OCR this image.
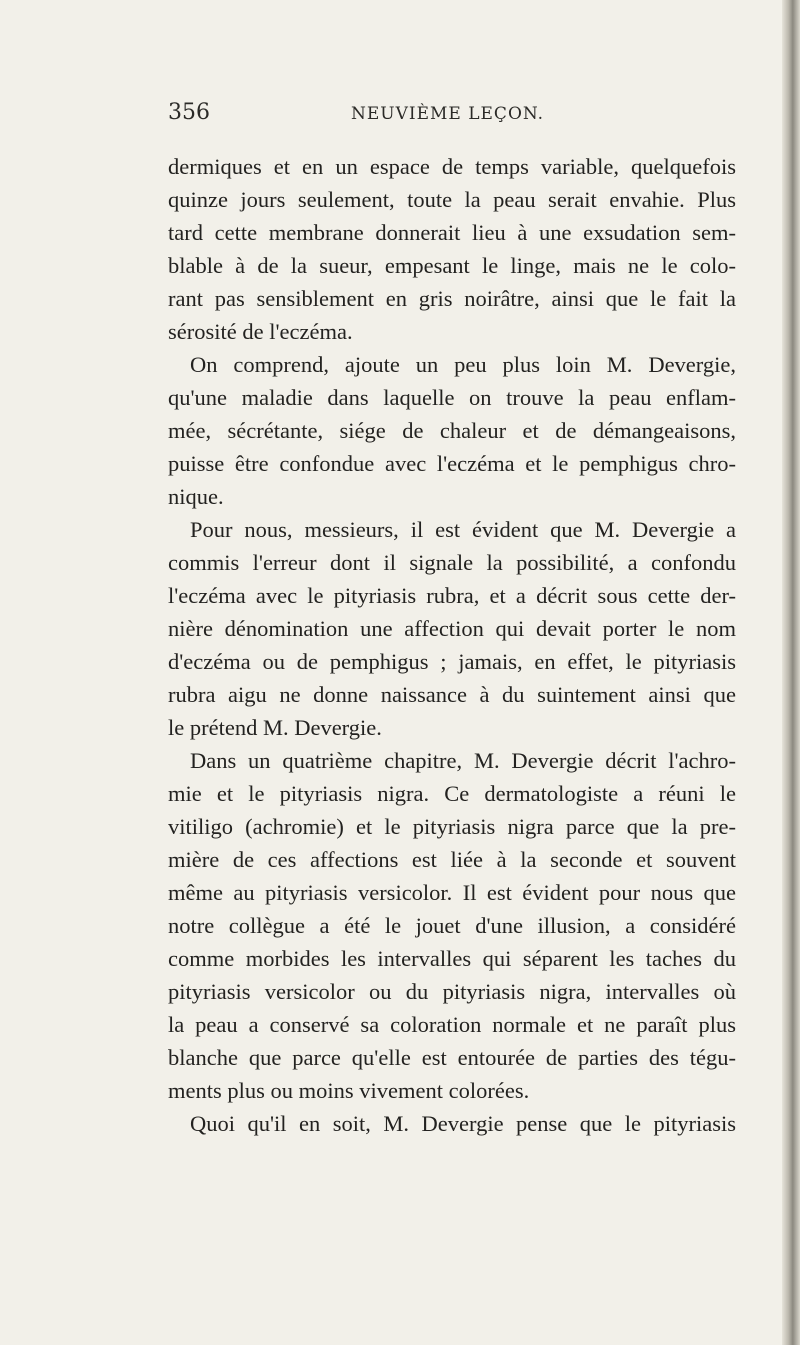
356	NEUVIÈME LEÇON.
dermiques et en un espace de temps variable, quelquefois
quinze jours seulement, toute la peau serait envahie. Plus
tard cette membrane donnerait lieu à une exsudation sem-
blable à de la sueur, empesant le linge, mais ne le colo-
rant pas sensiblement en gris noirâtre, ainsi que le fait la
sérosité de l'eczéma.
On comprend, ajoute un peu plus loin M. Devergie,
qu'une maladie dans laquelle on trouve la peau enflam-
mée, sécrétante, siége de chaleur et de démangeaisons,
puisse être confondue avec l'eczéma et le pemphigus chro-
nique.
Pour nous, messieurs, il est évident que M. Devergie a
commis l'erreur dont il signale la possibilité, a confondu
l'eczéma avec le pityriasis rubra, et a décrit sous cette der-
nière dénomination une affection qui devait porter le nom
d'eczéma ou de pemphigus ; jamais, en effet, le pityriasis
rubra aigu ne donne naissance à du suintement ainsi que
le prétend M. Devergie.
Dans un quatrième chapitre, M. Devergie décrit l'achro-
mie et le pityriasis nigra. Ce dermatologiste a réuni le
vitiligo (achromie) et le pityriasis nigra parce que la pre-
mière de ces affections est liée à la seconde et souvent
même au pityriasis versicolor. Il est évident pour nous que
notre collègue a été le jouet d'une illusion, a considéré
comme morbides les intervalles qui séparent les taches du
pityriasis versicolor ou du pityriasis nigra, intervalles où
la peau a conservé sa coloration normale et ne paraît plus
blanche que parce qu'elle est entourée de parties des tégu-
ments plus ou moins vivement colorées.
Quoi qu'il en soit, M. Devergie pense que le pityriasis
